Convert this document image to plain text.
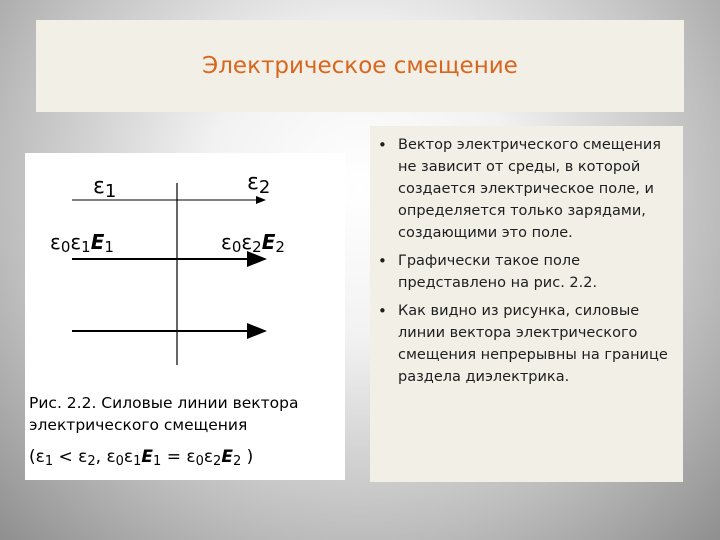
Электрическое смещение
ε1	ε2
ε0ε1E1	ε0ε2E2
Рис. 2.2. Силовые линии вектора
электрического смещения
(ε1 < ε2, ε0ε1E1 = ε0ε2E2 )
• Вектор электрического смещения не зависит от среды, в которой создается электрическое поле, и определяется только зарядами, создающими это поле.
• Графически такое поле представлено на рис. 2.2.
• Как видно из рисунка, силовые линии вектора электрического смещения непрерывны на границе раздела диэлектрика.
